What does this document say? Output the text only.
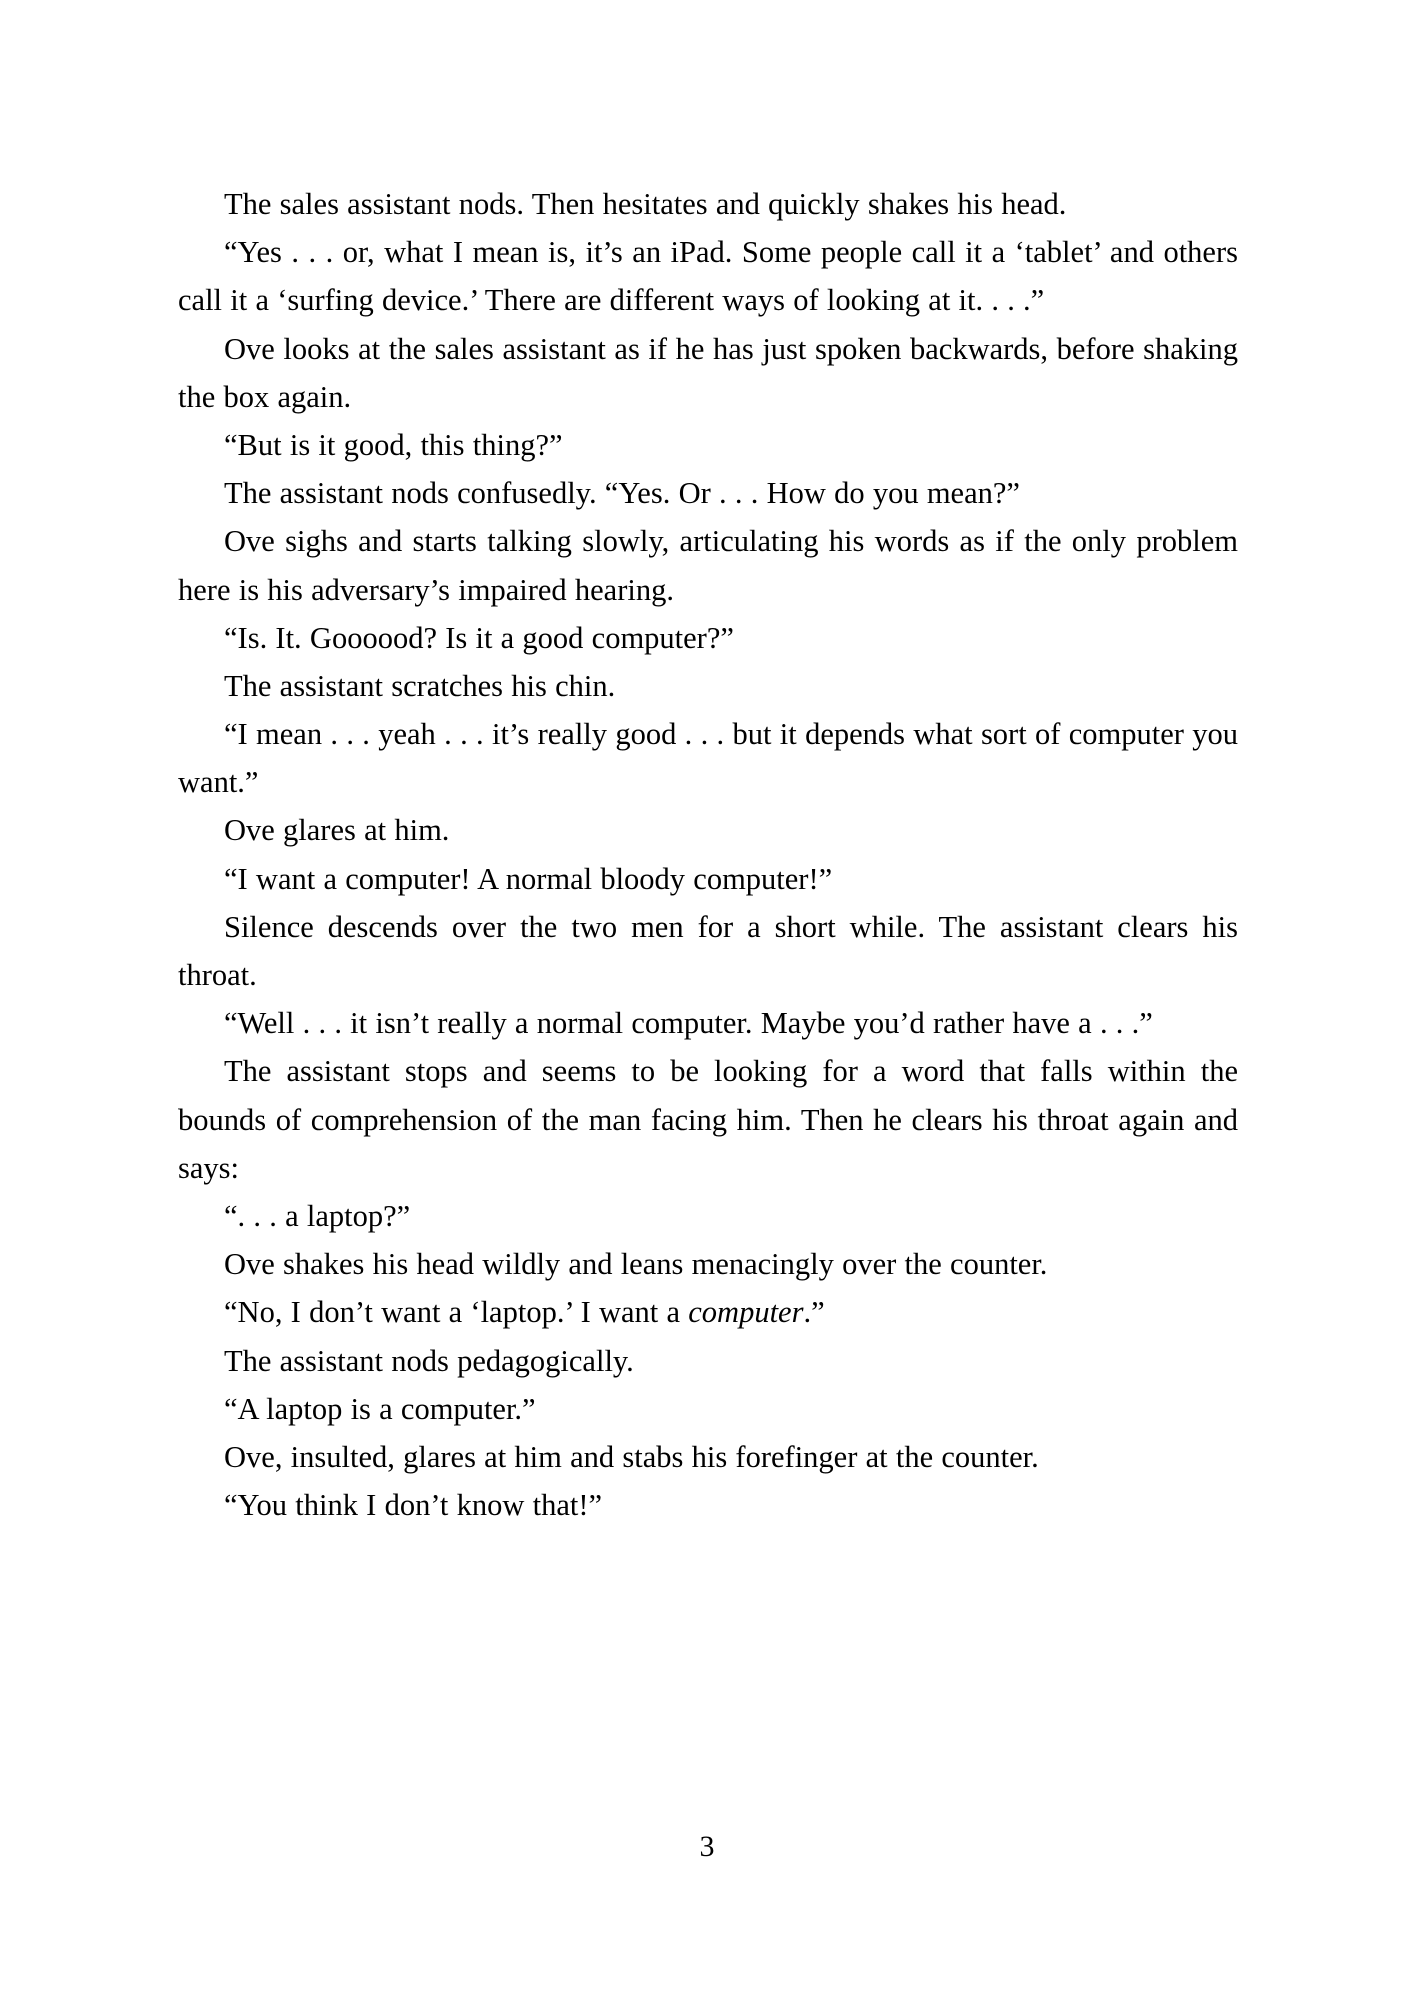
The sales assistant nods. Then hesitates and quickly shakes his head.

“Yes . . . or, what I mean is, it’s an iPad. Some people call it a ‘tablet’ and others call it a ‘surfing device.’ There are different ways of looking at it. . . .”

Ove looks at the sales assistant as if he has just spoken backwards, before shaking the box again.

“But is it good, this thing?”

The assistant nods confusedly. “Yes. Or . . . How do you mean?”

Ove sighs and starts talking slowly, articulating his words as if the only problem here is his adversary’s impaired hearing.

“Is. It. Goooood? Is it a good computer?”

The assistant scratches his chin.

“I mean . . . yeah . . . it’s really good . . . but it depends what sort of computer you want.”

Ove glares at him.

“I want a computer! A normal bloody computer!”

Silence descends over the two men for a short while. The assistant clears his throat.

“Well . . . it isn’t really a normal computer. Maybe you’d rather have a . . .”

The assistant stops and seems to be looking for a word that falls within the bounds of comprehension of the man facing him. Then he clears his throat again and says:

“. . . a laptop?”

Ove shakes his head wildly and leans menacingly over the counter.

“No, I don’t want a ‘laptop.’ I want a computer.”

The assistant nods pedagogically.

“A laptop is a computer.”

Ove, insulted, glares at him and stabs his forefinger at the counter.

“You think I don’t know that!”

3
